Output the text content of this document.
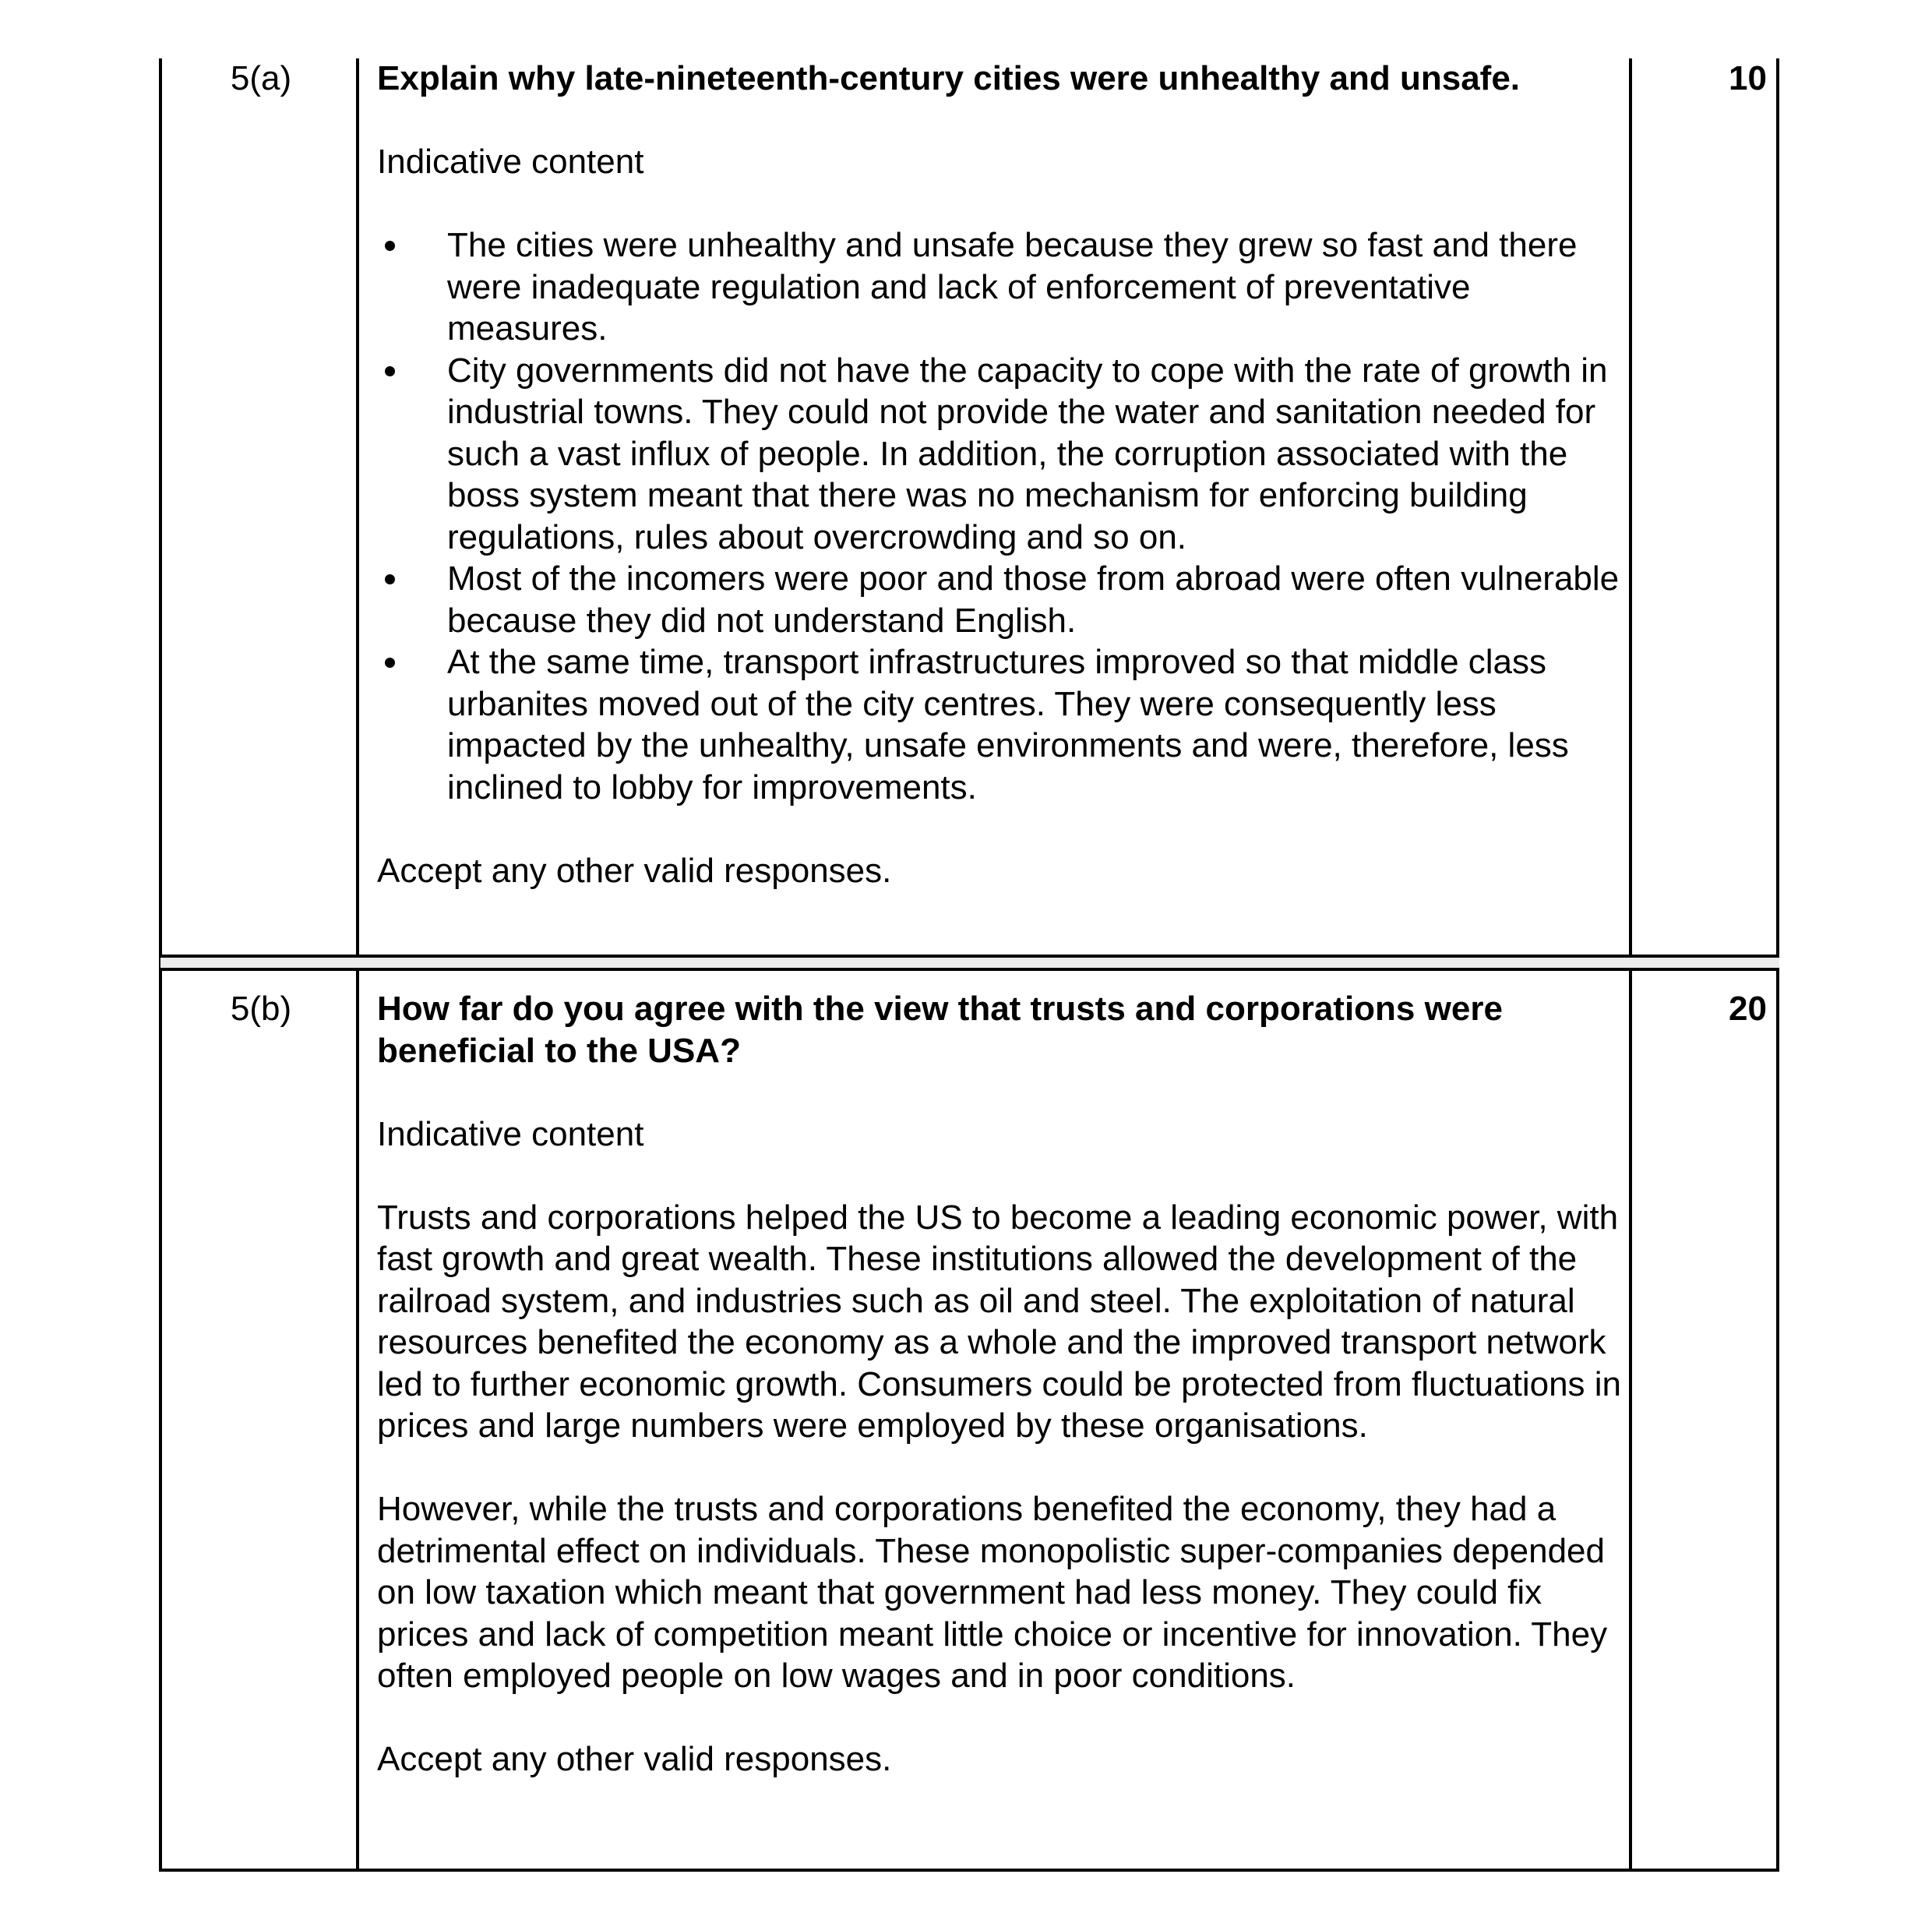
5(a)	10

Explain why late-nineteenth-century cities were unhealthy and unsafe.

Indicative content

The cities were unhealthy and unsafe because they grew so fast and there were inadequate regulation and lack of enforcement of preventative measures.
City governments did not have the capacity to cope with the rate of growth in industrial towns. They could not provide the water and sanitation needed for such a vast influx of people. In addition, the corruption associated with the boss system meant that there was no mechanism for enforcing building regulations, rules about overcrowding and so on.
Most of the incomers were poor and those from abroad were often vulnerable because they did not understand English.
At the same time, transport infrastructures improved so that middle class urbanites moved out of the city centres. They were consequently less impacted by the unhealthy, unsafe environments and were, therefore, less inclined to lobby for improvements.

Accept any other valid responses.

5(b)	20

How far do you agree with the view that trusts and corporations were beneficial to the USA?

Indicative content

Trusts and corporations helped the US to become a leading economic power, with fast growth and great wealth. These institutions allowed the development of the railroad system, and industries such as oil and steel. The exploitation of natural resources benefited the economy as a whole and the improved transport network led to further economic growth. Consumers could be protected from fluctuations in prices and large numbers were employed by these organisations.

However, while the trusts and corporations benefited the economy, they had a detrimental effect on individuals. These monopolistic super-companies depended on low taxation which meant that government had less money. They could fix prices and lack of competition meant little choice or incentive for innovation. They often employed people on low wages and in poor conditions.

Accept any other valid responses.
